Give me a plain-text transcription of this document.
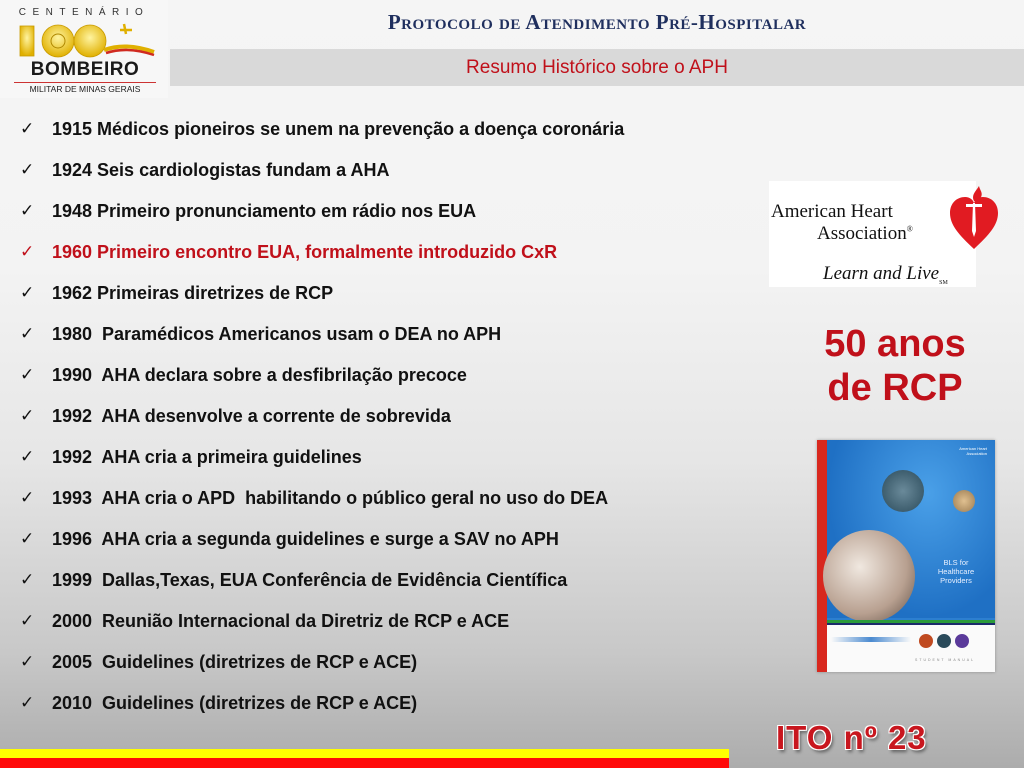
CENTENÁRIO
BOMBEIRO
MILITAR DE MINAS GERAIS
Protocolo de Atendimento Pré-Hospitalar
Resumo Histórico sobre o APH
✓ 1915 Médicos pioneiros se unem na prevenção a doença coronária
✓ 1924 Seis cardiologistas fundam a AHA
✓ 1948 Primeiro pronunciamento em rádio nos EUA
✓ 1960 Primeiro encontro EUA, formalmente introduzido CxR
✓ 1962 Primeiras diretrizes de RCP
✓ 1980  Paramédicos Americanos usam o DEA no APH
✓ 1990  AHA declara sobre a desfibrilação precoce
✓ 1992  AHA desenvolve a corrente de sobrevida
✓ 1992  AHA cria a primeira guidelines
✓ 1993  AHA cria o APD  habilitando o público geral no uso do DEA
✓ 1996  AHA cria a segunda guidelines e surge a SAV no APH
✓ 1999  Dallas,Texas, EUA Conferência de Evidência Científica
✓ 2000  Reunião Internacional da Diretriz de RCP e ACE
✓ 2005  Guidelines (diretrizes de RCP e ACE)
✓ 2010  Guidelines (diretrizes de RCP e ACE)
American Heart
Association®
Learn and Live$_{SM}$
50 anos
de RCP
American Heart Association
BLS for
Healthcare
Providers
STUDENT MANUAL
ITO nº 23
